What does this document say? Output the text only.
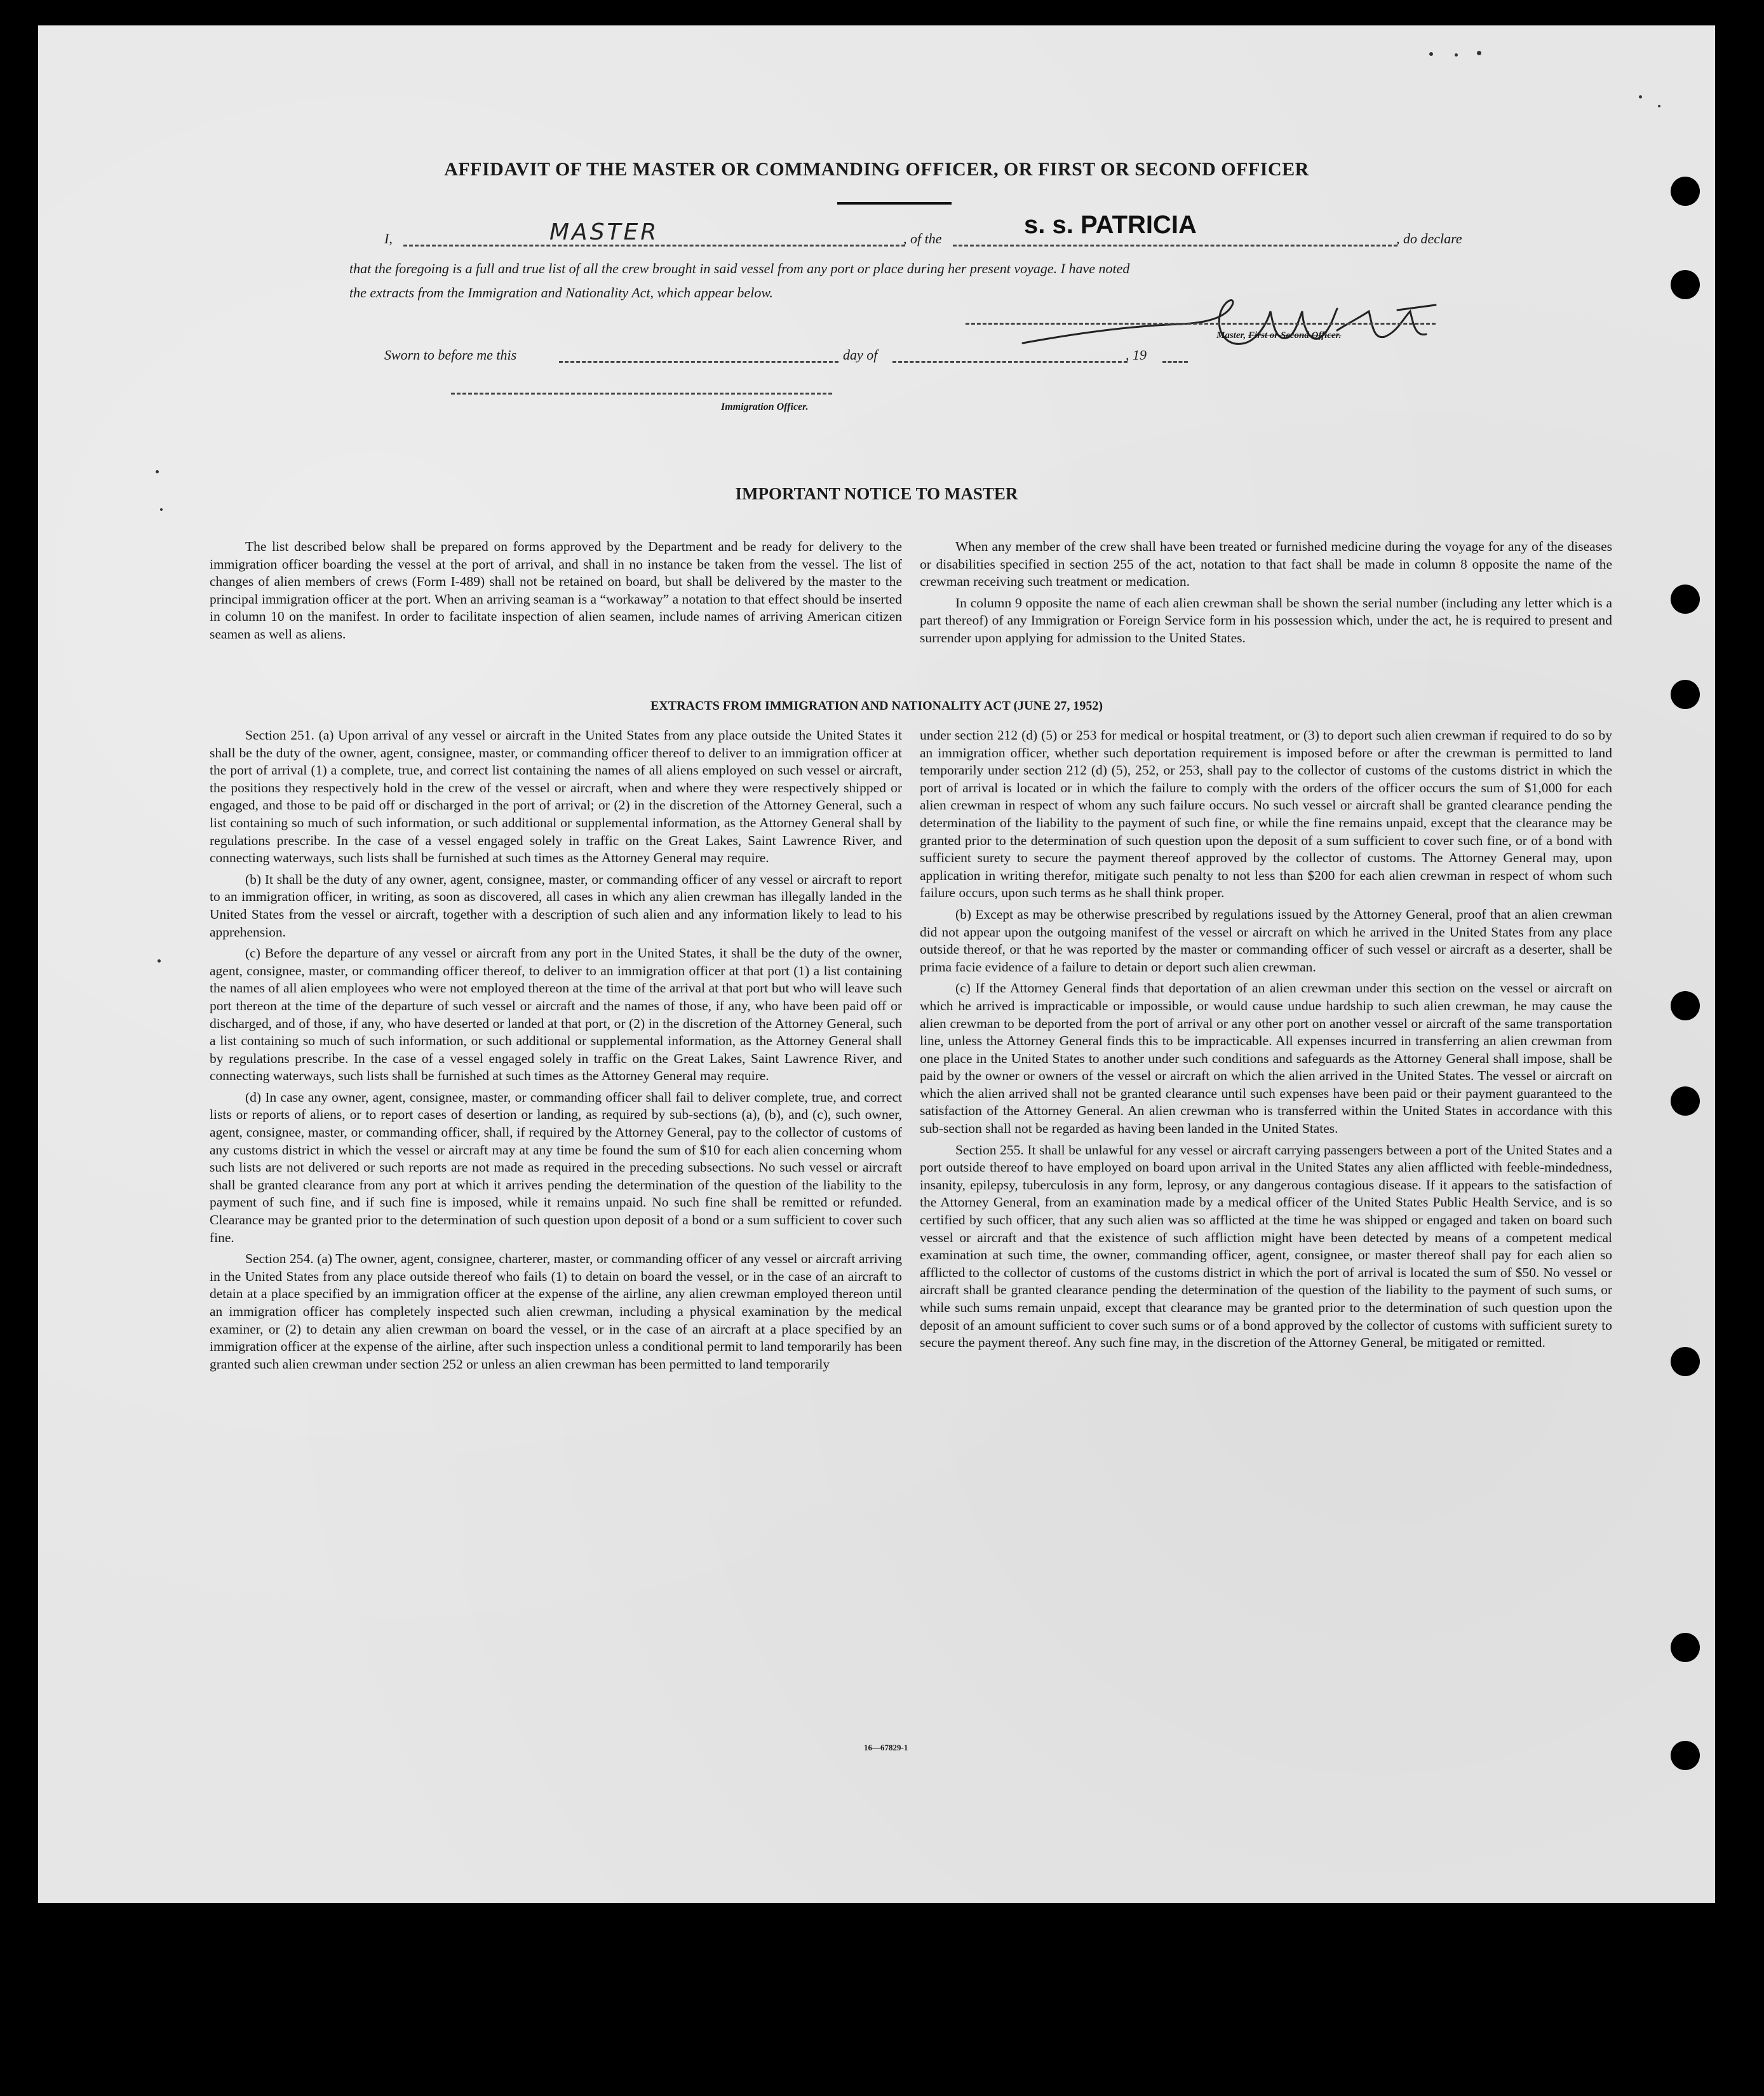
AFFIDAVIT OF THE MASTER OR COMMANDING OFFICER, OR FIRST OR SECOND OFFICER
I,	MASTER	, of the	s. s. PATRICIA	, do declare
that the foregoing is a full and true list of all the crew brought in said vessel from any port or place during her present voyage. I have noted
the extracts from the Immigration and Nationality Act, which appear below.
Master, First or Second Officer.
Sworn to before me this	day of	, 19
Immigration Officer.
IMPORTANT NOTICE TO MASTER

The list described below shall be prepared on forms approved by the Department and be ready for delivery to the immigration officer boarding the vessel at the port of arrival, and shall in no instance be taken from the vessel. The list of changes of alien members of crews (Form I-489) shall not be retained on board, but shall be delivered by the master to the principal immigration officer at the port. When an arriving seaman is a “workaway” a notation to that effect should be inserted in column 10 on the manifest. In order to facilitate inspection of alien seamen, include names of arriving American citizen seamen as well as aliens.

When any member of the crew shall have been treated or furnished medicine during the voyage for any of the diseases or disabilities specified in section 255 of the act, notation to that fact shall be made in column 8 opposite the name of the crewman receiving such treatment or medication.

In column 9 opposite the name of each alien crewman shall be shown the serial number (including any letter which is a part thereof) of any Immigration or Foreign Service form in his possession which, under the act, he is required to present and surrender upon applying for admission to the United States.

EXTRACTS FROM IMMIGRATION AND NATIONALITY ACT (JUNE 27, 1952)

Section 251. (a) Upon arrival of any vessel or aircraft in the United States from any place outside the United States it shall be the duty of the owner, agent, consignee, master, or commanding officer thereof to deliver to an immigration officer at the port of arrival (1) a complete, true, and correct list containing the names of all aliens employed on such vessel or aircraft, the positions they respectively hold in the crew of the vessel or aircraft, when and where they were respectively shipped or engaged, and those to be paid off or discharged in the port of arrival; or (2) in the discretion of the Attorney General, such a list containing so much of such information, or such additional or supplemental information, as the Attorney General shall by regulations prescribe. In the case of a vessel engaged solely in traffic on the Great Lakes, Saint Lawrence River, and connecting waterways, such lists shall be furnished at such times as the Attorney General may require.

(b) It shall be the duty of any owner, agent, consignee, master, or commanding officer of any vessel or aircraft to report to an immigration officer, in writing, as soon as discovered, all cases in which any alien crewman has illegally landed in the United States from the vessel or aircraft, together with a description of such alien and any information likely to lead to his apprehension.

(c) Before the departure of any vessel or aircraft from any port in the United States, it shall be the duty of the owner, agent, consignee, master, or commanding officer thereof, to deliver to an immigration officer at that port (1) a list containing the names of all alien employees who were not employed thereon at the time of the arrival at that port but who will leave such port thereon at the time of the departure of such vessel or aircraft and the names of those, if any, who have been paid off or discharged, and of those, if any, who have deserted or landed at that port, or (2) in the discretion of the Attorney General, such a list containing so much of such information, or such additional or supplemental information, as the Attorney General shall by regulations prescribe. In the case of a vessel engaged solely in traffic on the Great Lakes, Saint Lawrence River, and connecting waterways, such lists shall be furnished at such times as the Attorney General may require.

(d) In case any owner, agent, consignee, master, or commanding officer shall fail to deliver complete, true, and correct lists or reports of aliens, or to report cases of desertion or landing, as required by sub-sections (a), (b), and (c), such owner, agent, consignee, master, or commanding officer, shall, if required by the Attorney General, pay to the collector of customs of any customs district in which the vessel or aircraft may at any time be found the sum of $10 for each alien concerning whom such lists are not delivered or such reports are not made as required in the preceding subsections. No such vessel or aircraft shall be granted clearance from any port at which it arrives pending the determination of the question of the liability to the payment of such fine, and if such fine is imposed, while it remains unpaid. No such fine shall be remitted or refunded. Clearance may be granted prior to the determination of such question upon deposit of a bond or a sum sufficient to cover such fine.

Section 254. (a) The owner, agent, consignee, charterer, master, or commanding officer of any vessel or aircraft arriving in the United States from any place outside thereof who fails (1) to detain on board the vessel, or in the case of an aircraft to detain at a place specified by an immigration officer at the expense of the airline, any alien crewman employed thereon until an immigration officer has completely inspected such alien crewman, including a physical examination by the medical examiner, or (2) to detain any alien crewman on board the vessel, or in the case of an aircraft at a place specified by an immigration officer at the expense of the airline, after such inspection unless a conditional permit to land temporarily has been granted such alien crewman under section 252 or unless an alien crewman has been permitted to land temporarily

under section 212 (d) (5) or 253 for medical or hospital treatment, or (3) to deport such alien crewman if required to do so by an immigration officer, whether such deportation requirement is imposed before or after the crewman is permitted to land temporarily under section 212 (d) (5), 252, or 253, shall pay to the collector of customs of the customs district in which the port of arrival is located or in which the failure to comply with the orders of the officer occurs the sum of $1,000 for each alien crewman in respect of whom any such failure occurs. No such vessel or aircraft shall be granted clearance pending the determination of the liability to the payment of such fine, or while the fine remains unpaid, except that the clearance may be granted prior to the determination of such question upon the deposit of a sum sufficient to cover such fine, or of a bond with sufficient surety to secure the payment thereof approved by the collector of customs. The Attorney General may, upon application in writing therefor, mitigate such penalty to not less than $200 for each alien crewman in respect of whom such failure occurs, upon such terms as he shall think proper.

(b) Except as may be otherwise prescribed by regulations issued by the Attorney General, proof that an alien crewman did not appear upon the outgoing manifest of the vessel or aircraft on which he arrived in the United States from any place outside thereof, or that he was reported by the master or commanding officer of such vessel or aircraft as a deserter, shall be prima facie evidence of a failure to detain or deport such alien crewman.

(c) If the Attorney General finds that deportation of an alien crewman under this section on the vessel or aircraft on which he arrived is impracticable or impossible, or would cause undue hardship to such alien crewman, he may cause the alien crewman to be deported from the port of arrival or any other port on another vessel or aircraft of the same transportation line, unless the Attorney General finds this to be impracticable. All expenses incurred in transferring an alien crewman from one place in the United States to another under such conditions and safeguards as the Attorney General shall impose, shall be paid by the owner or owners of the vessel or aircraft on which the alien arrived in the United States. The vessel or aircraft on which the alien arrived shall not be granted clearance until such expenses have been paid or their payment guaranteed to the satisfaction of the Attorney General. An alien crewman who is transferred within the United States in accordance with this sub-section shall not be regarded as having been landed in the United States.

Section 255. It shall be unlawful for any vessel or aircraft carrying passengers between a port of the United States and a port outside thereof to have employed on board upon arrival in the United States any alien afflicted with feeble-mindedness, insanity, epilepsy, tuberculosis in any form, leprosy, or any dangerous contagious disease. If it appears to the satisfaction of the Attorney General, from an examination made by a medical officer of the United States Public Health Service, and is so certified by such officer, that any such alien was so afflicted at the time he was shipped or engaged and taken on board such vessel or aircraft and that the existence of such affliction might have been detected by means of a competent medical examination at such time, the owner, commanding officer, agent, consignee, or master thereof shall pay for each alien so afflicted to the collector of customs of the customs district in which the port of arrival is located the sum of $50. No vessel or aircraft shall be granted clearance pending the determination of the question of the liability to the payment of such sums, or while such sums remain unpaid, except that clearance may be granted prior to the determination of such question upon the deposit of an amount sufficient to cover such sums or of a bond approved by the collector of customs with sufficient surety to secure the payment thereof. Any such fine may, in the discretion of the Attorney General, be mitigated or remitted.

16—67829-1
